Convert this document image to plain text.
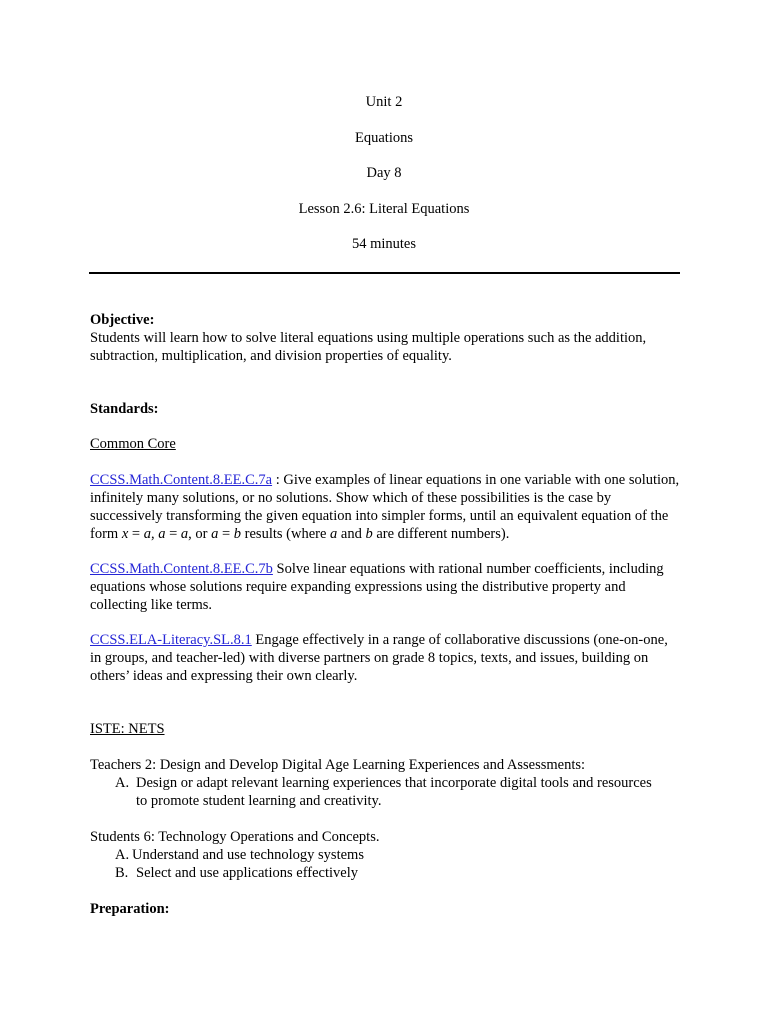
Unit 2
Equations
Day 8
Lesson 2.6: Literal Equations
54 minutes
Objective:
Students will learn how to solve literal equations using multiple operations such as the addition, subtraction, multiplication, and division properties of equality.
Standards:
Common Core
CCSS.Math.Content.8.EE.C.7a : Give examples of linear equations in one variable with one solution, infinitely many solutions, or no solutions. Show which of these possibilities is the case by successively transforming the given equation into simpler forms, until an equivalent equation of the form x = a, a = a, or a = b results (where a and b are different numbers).
CCSS.Math.Content.8.EE.C.7b Solve linear equations with rational number coefficients, including equations whose solutions require expanding expressions using the distributive property and collecting like terms.
CCSS.ELA-Literacy.SL.8.1 Engage effectively in a range of collaborative discussions (one-on-one, in groups, and teacher-led) with diverse partners on grade 8 topics, texts, and issues, building on others’ ideas and expressing their own clearly.
ISTE: NETS
Teachers 2: Design and Develop Digital Age Learning Experiences and Assessments:
A. Design or adapt relevant learning experiences that incorporate digital tools and resources
to promote student learning and creativity.
Students 6: Technology Operations and Concepts.
A. Understand and use technology systems
B. Select and use applications effectively
Preparation:
